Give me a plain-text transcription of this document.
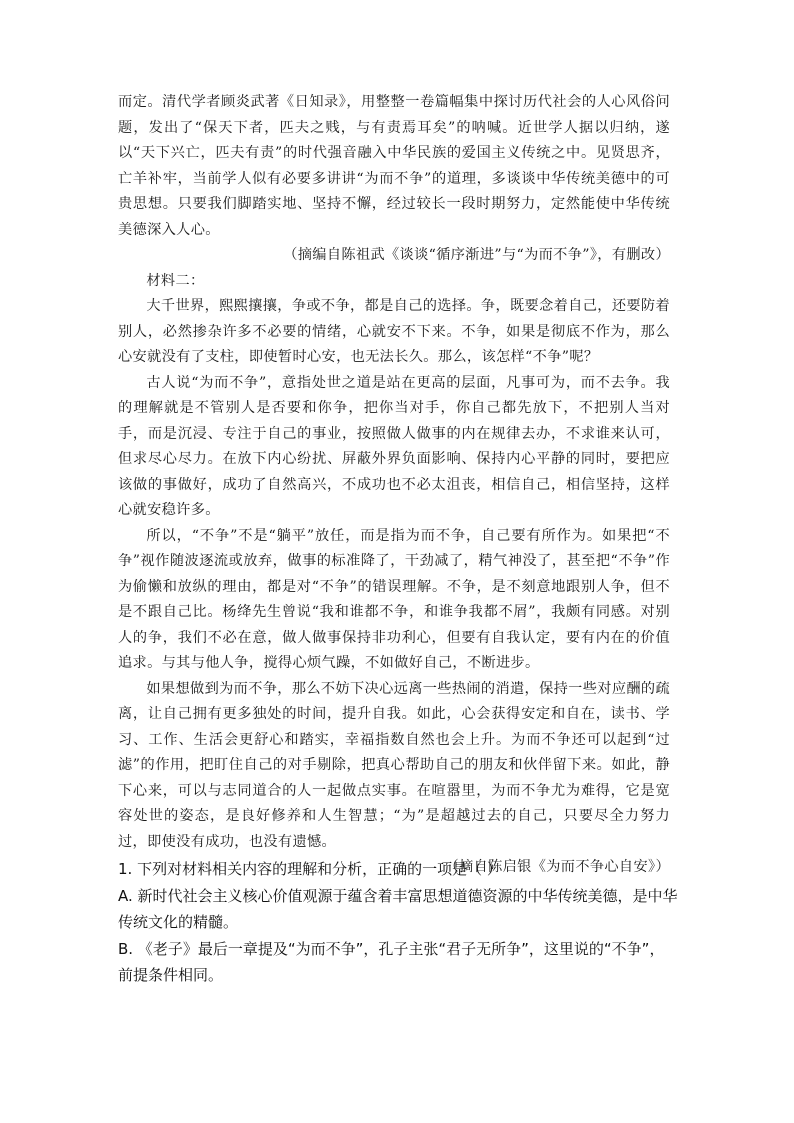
而定。清代学者顾炎武著《日知录》，用整整一卷篇幅集中探讨历代社会的人心风俗问题，发出了“保天下者，匹夫之贱，与有责焉耳矣”的呐喊。近世学人据以归纳，遂以“天下兴亡，匹夫有责”的时代强音融入中华民族的爱国主义传统之中。见贤思齐，亡羊补牢，当前学人似有必要多讲讲“为而不争”的道理，多谈谈中华传统美德中的可贵思想。只要我们脚踏实地、坚持不懈，经过较长一段时期努力，定然能使中华传统美德深入人心。

（摘编自陈祖武《谈谈“循序渐进”与“为而不争”》，有删改）

材料二：

大千世界，熙熙攘攘，争或不争，都是自己的选择。争，既要念着自己，还要防着别人，必然掺杂许多不必要的情绪，心就安不下来。不争，如果是彻底不作为，那么心安就没有了支柱，即使暂时心安，也无法长久。那么，该怎样“不争”呢？

古人说“为而不争”，意指处世之道是站在更高的层面，凡事可为，而不去争。我的理解就是不管别人是否要和你争，把你当对手，你自己都先放下，不把别人当对手，而是沉浸、专注于自己的事业，按照做人做事的内在规律去办，不求谁来认可，但求尽心尽力。在放下内心纷扰、屏蔽外界负面影响、保持内心平静的同时，要把应该做的事做好，成功了自然高兴，不成功也不必太沮丧，相信自己，相信坚持，这样心就安稳许多。

所以，“不争”不是“躺平”放任，而是指为而不争，自己要有所作为。如果把“不争”视作随波逐流或放弃，做事的标准降了，干劲减了，精气神没了，甚至把“不争”作为偷懒和放纵的理由，都是对“不争”的错误理解。不争，是不刻意地跟别人争，但不是不跟自己比。杨绛先生曾说“我和谁都不争，和谁争我都不屑”，我颇有同感。对别人的争，我们不必在意，做人做事保持非功利心，但要有自我认定，要有内在的价值追求。与其与他人争，搅得心烦气躁，不如做好自己，不断进步。

如果想做到为而不争，那么不妨下决心远离一些热闹的消遣，保持一些对应酬的疏离，让自己拥有更多独处的时间，提升自我。如此，心会获得安定和自在，读书、学习、工作、生活会更舒心和踏实，幸福指数自然也会上升。为而不争还可以起到“过滤”的作用，把盯住自己的对手剔除，把真心帮助自己的朋友和伙伴留下来。如此，静下心来，可以与志同道合的人一起做点实事。在喧嚣里，为而不争尤为难得，它是宽容处世的姿态，是良好修养和人生智慧；“为”是超越过去的自己，只要尽全力努力过，即使没有成功，也没有遗憾。

（摘自陈启银《为而不争心自安》）

1. 下列对材料相关内容的理解和分析，正确的一项是（ ）

A. 新时代社会主义核心价值观源于蕴含着丰富思想道德资源的中华传统美德，是中华传统文化的精髓。

B. 《老子》最后一章提及“为而不争”，孔子主张“君子无所争”，这里说的“不争”，前提条件相同。
